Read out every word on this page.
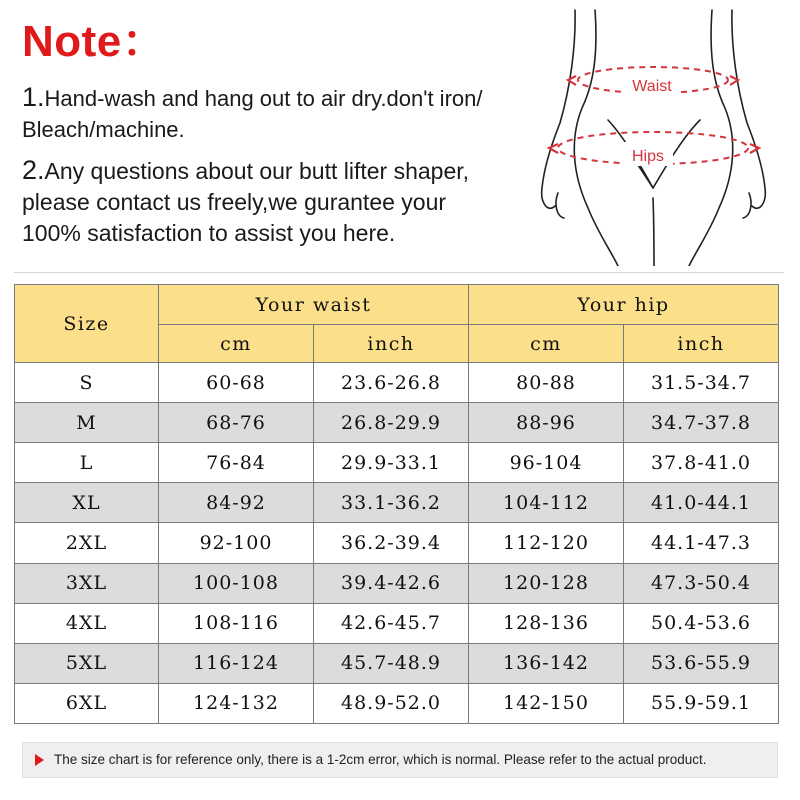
Note：

1.Hand-wash and hang out to air dry.don't iron/
Bleach/machine.

2.Any questions about our butt lifter shaper,
please contact us freely,we gurantee your
100% satisfaction to assist you here.

Waist
Hips
Size	Your waist		Your hip	
	cm	inch	cm	inch
S	60-68	23.6-26.8	80-88	31.5-34.7
M	68-76	26.8-29.9	88-96	34.7-37.8
L	76-84	29.9-33.1	96-104	37.8-41.0
XL	84-92	33.1-36.2	104-112	41.0-44.1
2XL	92-100	36.2-39.4	112-120	44.1-47.3
3XL	100-108	39.4-42.6	120-128	47.3-50.4
4XL	108-116	42.6-45.7	128-136	50.4-53.6
5XL	116-124	45.7-48.9	136-142	53.6-55.9
6XL	124-132	48.9-52.0	142-150	55.9-59.1
The size chart is for reference only, there is a 1-2cm error, which is normal. Please refer to the actual product.
